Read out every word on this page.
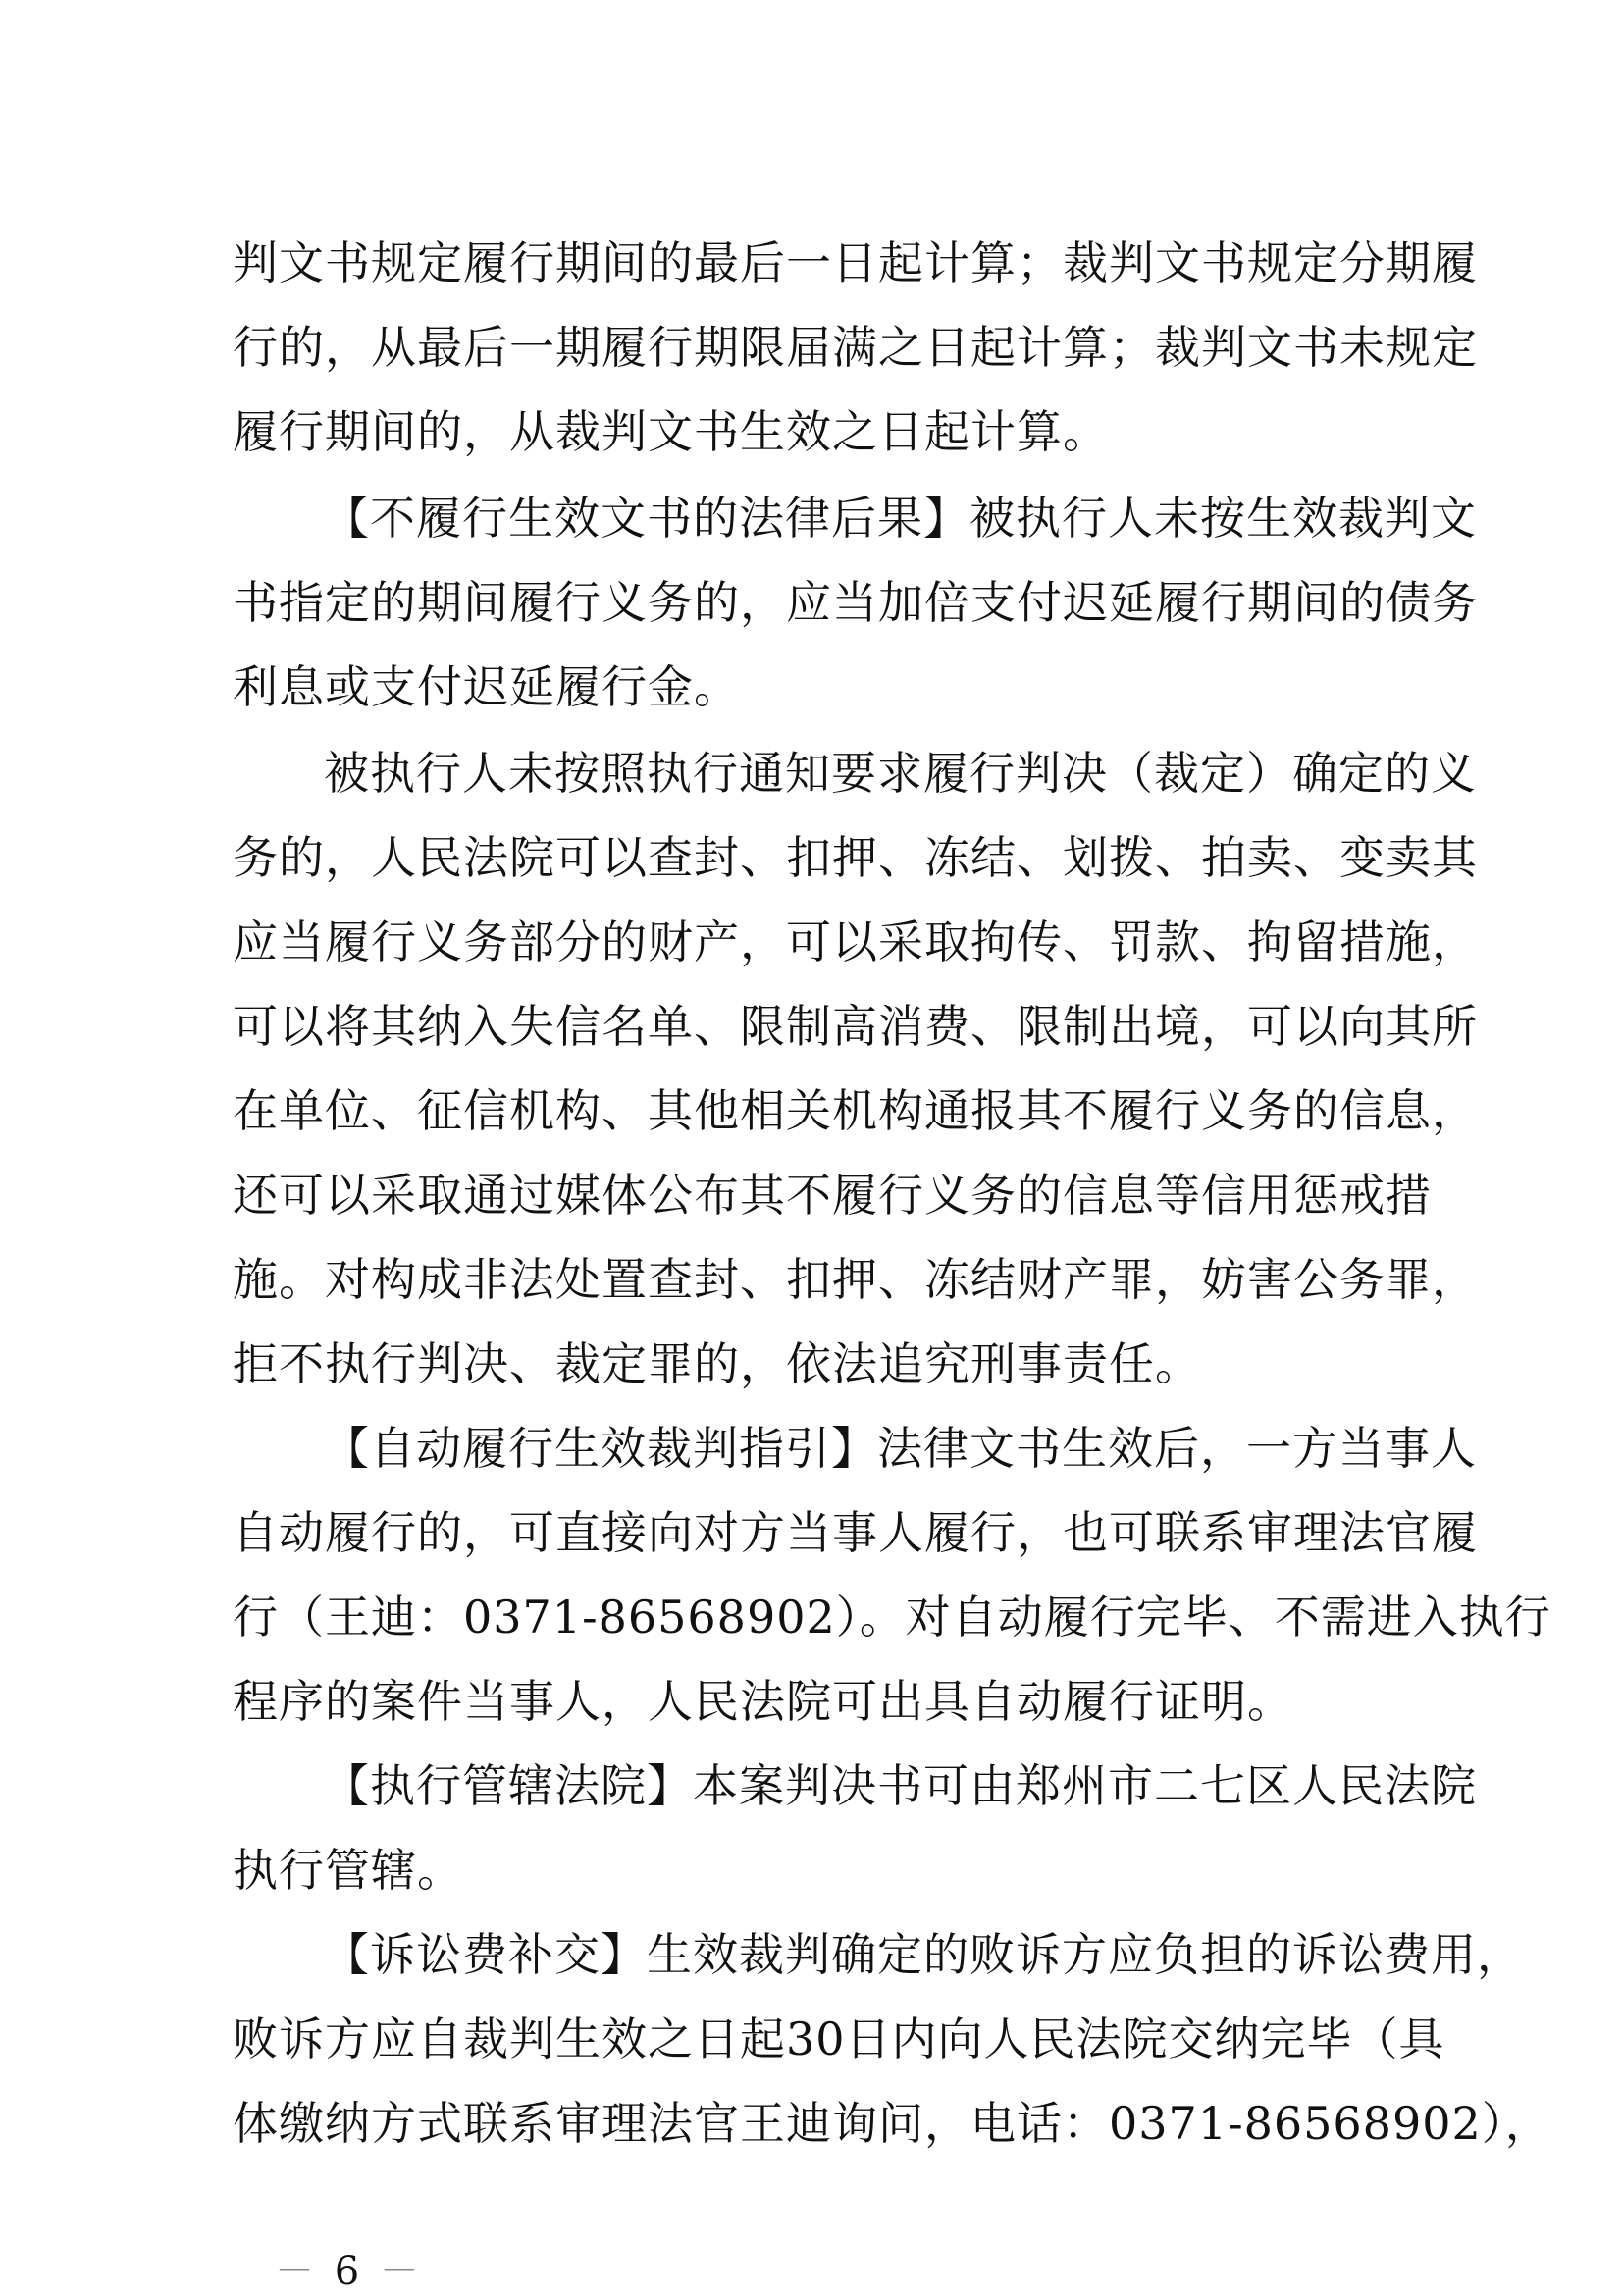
判文书规定履行期间的最后一日起计算；裁判文书规定分期履
行的，从最后一期履行期限届满之日起计算；裁判文书未规定
履行期间的，从裁判文书生效之日起计算。
【不履行生效文书的法律后果】被执行人未按生效裁判文
书指定的期间履行义务的，应当加倍支付迟延履行期间的债务
利息或支付迟延履行金。
被执行人未按照执行通知要求履行判决（裁定）确定的义
务的，人民法院可以查封、扣押、冻结、划拨、拍卖、变卖其
应当履行义务部分的财产，可以采取拘传、罚款、拘留措施，
可以将其纳入失信名单、限制高消费、限制出境，可以向其所
在单位、征信机构、其他相关机构通报其不履行义务的信息，
还可以采取通过媒体公布其不履行义务的信息等信用惩戒措
施。对构成非法处置查封、扣押、冻结财产罪，妨害公务罪，
拒不执行判决、裁定罪的，依法追究刑事责任。
【自动履行生效裁判指引】法律文书生效后，一方当事人
自动履行的，可直接向对方当事人履行，也可联系审理法官履
行（王迪：0371-86568902）。对自动履行完毕、不需进入执行
程序的案件当事人，人民法院可出具自动履行证明。
【执行管辖法院】本案判决书可由郑州市二七区人民法院
执行管辖。
【诉讼费补交】生效裁判确定的败诉方应负担的诉讼费用，
败诉方应自裁判生效之日起30日内向人民法院交纳完毕（具
体缴纳方式联系审理法官王迪询问，电话：0371-86568902），
－ 6 －
